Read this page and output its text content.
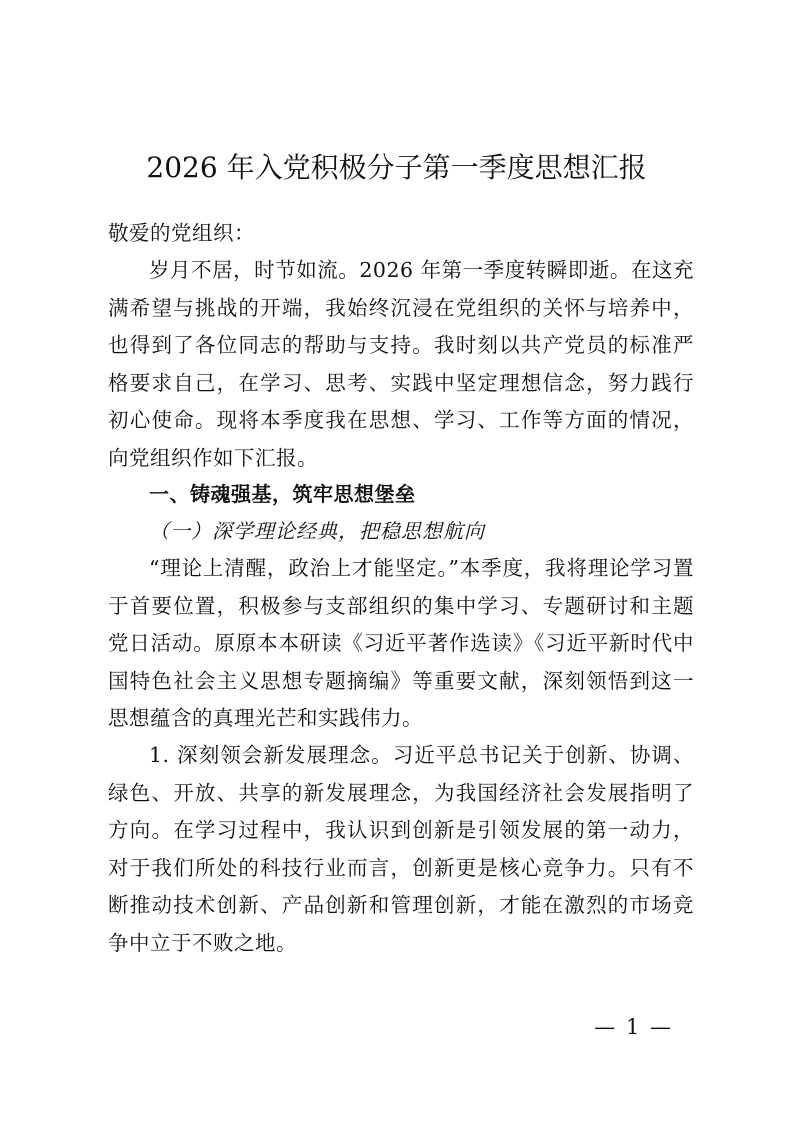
2026 年入党积极分子第一季度思想汇报
敬爱的党组织：

岁月不居，时节如流。2026 年第一季度转瞬即逝。在这充满希望与挑战的开端，我始终沉浸在党组织的关怀与培养中，也得到了各位同志的帮助与支持。我时刻以共产党员的标准严格要求自己，在学习、思考、实践中坚定理想信念，努力践行初心使命。现将本季度我在思想、学习、工作等方面的情况，向党组织作如下汇报。

一、铸魂强基，筑牢思想堡垒
（一）深学理论经典，把稳思想航向

“理论上清醒，政治上才能坚定。”本季度，我将理论学习置于首要位置，积极参与支部组织的集中学习、专题研讨和主题党日活动。原原本本研读《习近平著作选读》《习近平新时代中国特色社会主义思想专题摘编》等重要文献，深刻领悟到这一思想蕴含的真理光芒和实践伟力。

1. 深刻领会新发展理念。习近平总书记关于创新、协调、绿色、开放、共享的新发展理念，为我国经济社会发展指明了方向。在学习过程中，我认识到创新是引领发展的第一动力，对于我们所处的科技行业而言，创新更是核心竞争力。只有不断推动技术创新、产品创新和管理创新，才能在激烈的市场竞争中立于不败之地。

— 1 —
